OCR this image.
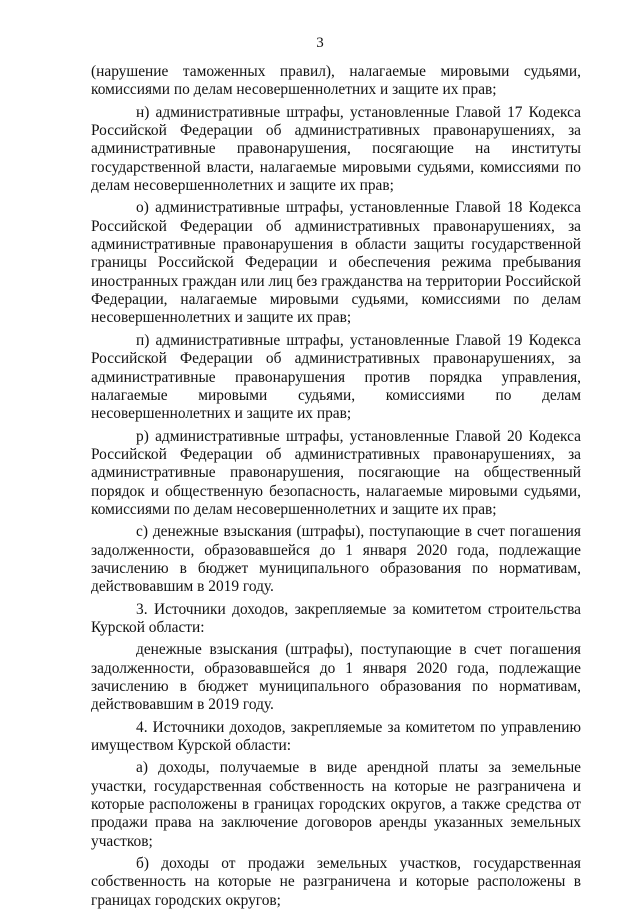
3

(нарушение таможенных правил), налагаемые мировыми судьями, комиссиями по делам несовершеннолетних и защите их прав;

н) административные штрафы, установленные Главой 17 Кодекса Российской Федерации об административных правонарушениях, за административные правонарушения, посягающие на институты государственной власти, налагаемые мировыми судьями, комиссиями по делам несовершеннолетних и защите их прав;

о) административные штрафы, установленные Главой 18 Кодекса Российской Федерации об административных правонарушениях, за административные правонарушения в области защиты государственной границы Российской Федерации и обеспечения режима пребывания иностранных граждан или лиц без гражданства на территории Российской Федерации, налагаемые мировыми судьями, комиссиями по делам несовершеннолетних и защите их прав;

п) административные штрафы, установленные Главой 19 Кодекса Российской Федерации об административных правонарушениях, за административные правонарушения против порядка управления, налагаемые мировыми судьями, комиссиями по делам несовершеннолетних и защите их прав;

р) административные штрафы, установленные Главой 20 Кодекса Российской Федерации об административных правонарушениях, за административные правонарушения, посягающие на общественный порядок и общественную безопасность, налагаемые мировыми судьями, комиссиями по делам несовершеннолетних и защите их прав;

с) денежные взыскания (штрафы), поступающие в счет погашения задолженности, образовавшейся до 1 января 2020 года, подлежащие зачислению в бюджет муниципального образования по нормативам, действовавшим в 2019 году.

3. Источники доходов, закрепляемые за комитетом строительства Курской области:

денежные взыскания (штрафы), поступающие в счет погашения задолженности, образовавшейся до 1 января 2020 года, подлежащие зачислению в бюджет муниципального образования по нормативам, действовавшим в 2019 году.

4. Источники доходов, закрепляемые за комитетом по управлению имуществом Курской области:

а) доходы, получаемые в виде арендной платы за земельные участки, государственная собственность на которые не разграничена и которые расположены в границах городских округов, а также средства от продажи права на заключение договоров аренды указанных земельных участков;

б) доходы от продажи земельных участков, государственная собственность на которые не разграничена и которые расположены в границах городских округов;
